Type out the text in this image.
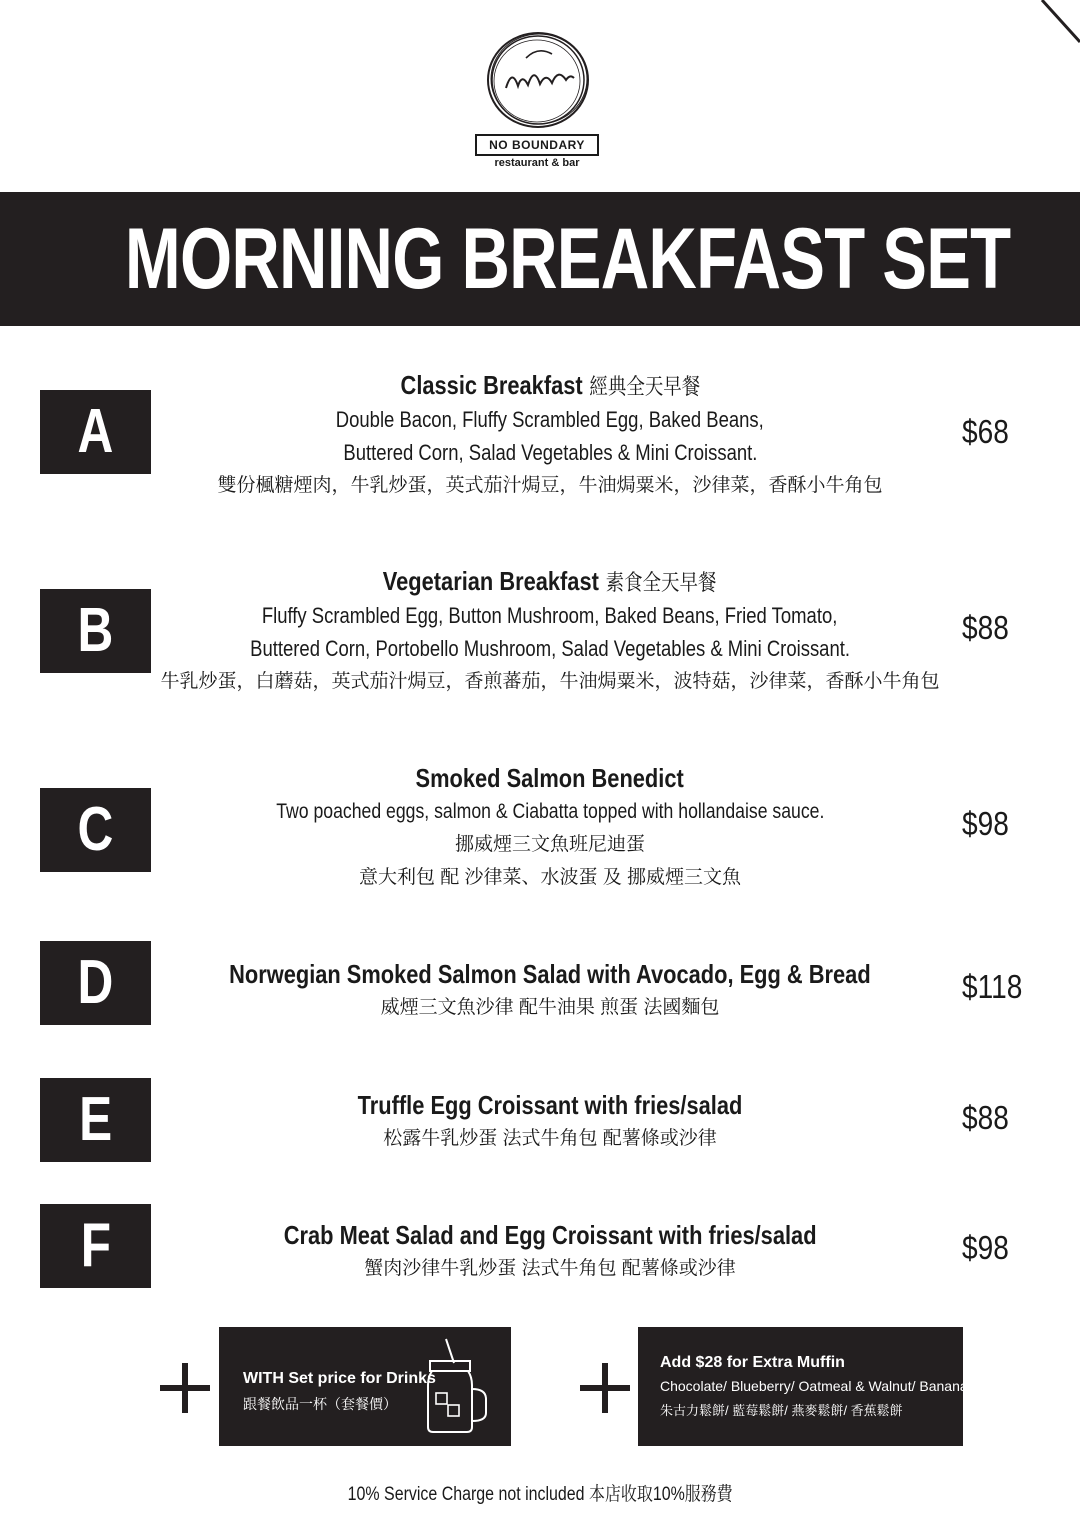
NO BOUNDARY
restaurant & bar
MORNING BREAKFAST SET
A
Classic Breakfast 經典全天早餐
Double Bacon, Fluffy Scrambled Egg, Baked Beans,
Buttered Corn, Salad Vegetables & Mini Croissant.
雙份楓糖煙肉，牛乳炒蛋，英式茄汁焗豆，牛油焗粟米，沙律菜，香酥小牛角包
$68
B
Vegetarian Breakfast 素食全天早餐
Fluffy Scrambled Egg, Button Mushroom, Baked Beans, Fried Tomato,
Buttered Corn, Portobello Mushroom, Salad Vegetables & Mini Croissant.
牛乳炒蛋，白蘑菇，英式茄汁焗豆，香煎蕃茄，牛油焗粟米，波特菇，沙律菜，香酥小牛角包
$88
C
Smoked Salmon Benedict
Two poached eggs, salmon & Ciabatta topped with hollandaise sauce.
挪威煙三文魚班尼迪蛋
意大利包 配 沙律菜、水波蛋 及 挪威煙三文魚
$98
D	Norwegian Smoked Salmon Salad with Avocado, Egg & Bread
威煙三文魚沙律 配牛油果 煎蛋 法國麵包
$118
E	Truffle Egg Croissant with fries/salad
松露牛乳炒蛋 法式牛角包 配薯條或沙律
$88
F	Crab Meat Salad and Egg Croissant with fries/salad
蟹肉沙律牛乳炒蛋 法式牛角包 配薯條或沙律
$98
WITH Set price for Drinks
跟餐飲品一杯（套餐價）
Add $28 for Extra Muffin
Chocolate/ Blueberry/ Oatmeal & Walnut/ Banana
朱古力鬆餅/ 藍莓鬆餅/ 燕麥鬆餅/ 香蕉鬆餅
10% Service Charge not included 本店收取10%服務費
